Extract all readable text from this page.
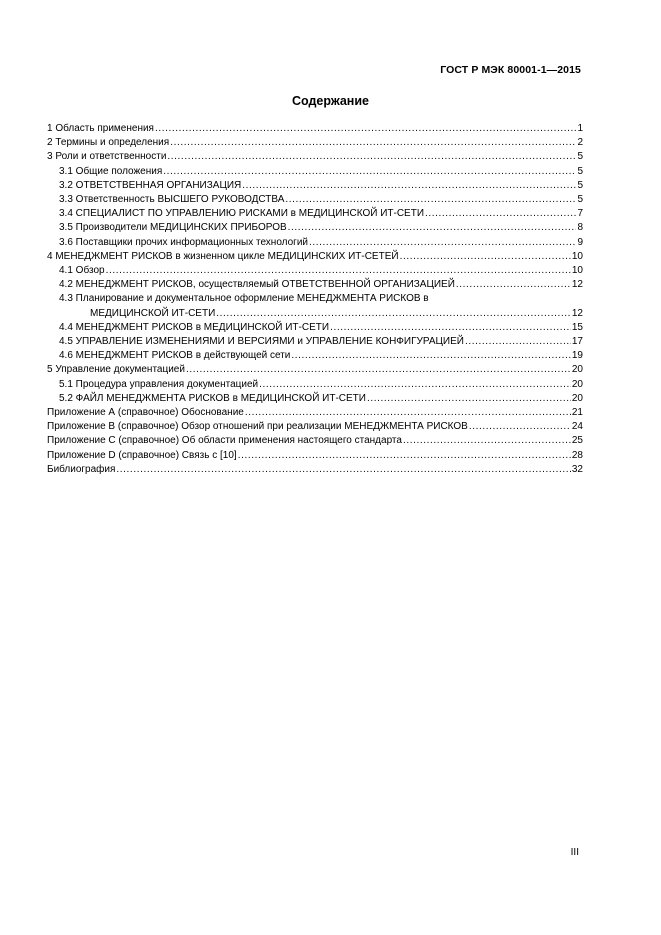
ГОСТ Р МЭК 80001-1—2015
Содержание
1 Область применения .....	1
2 Термины и определения .....	2
3 Роли и ответственности .....	5
3.1 Общие положения .....	5
3.2 ОТВЕТСТВЕННАЯ ОРГАНИЗАЦИЯ .....	5
3.3 Ответственность ВЫСШЕГО РУКОВОДСТВА .....	5
3.4 СПЕЦИАЛИСТ ПО УПРАВЛЕНИЮ РИСКАМИ в МЕДИЦИНСКОЙ ИТ-СЕТИ .....	7
3.5 Производители МЕДИЦИНСКИХ ПРИБОРОВ .....	8
3.6 Поставщики прочих информационных технологий .....	9
4 МЕНЕДЖМЕНТ РИСКОВ в жизненном цикле МЕДИЦИНСКИХ ИТ-СЕТЕЙ .....	10
4.1 Обзор .....	10
4.2 МЕНЕДЖМЕНТ РИСКОВ, осуществляемый ОТВЕТСТВЕННОЙ ОРГАНИЗАЦИЕЙ .....	12
4.3 Планирование и документальное оформление МЕНЕДЖМЕНТА РИСКОВ в
МЕДИЦИНСКОЙ ИТ-СЕТИ .....	12
4.4 МЕНЕДЖМЕНТ РИСКОВ в МЕДИЦИНСКОЙ ИТ-СЕТИ .....	15
4.5 УПРАВЛЕНИЕ ИЗМЕНЕНИЯМИ И ВЕРСИЯМИ и УПРАВЛЕНИЕ КОНФИГУРАЦИЕЙ .....	17
4.6 МЕНЕДЖМЕНТ РИСКОВ в действующей сети .....	19
5 Управление документацией .....	20
5.1 Процедура управления документацией .....	20
5.2 ФАЙЛ МЕНЕДЖМЕНТА РИСКОВ в МЕДИЦИНСКОЙ ИТ-СЕТИ .....	20
Приложение А (справочное) Обоснование .....	21
Приложение В (справочное) Обзор отношений при реализации МЕНЕДЖМЕНТА РИСКОВ .....	24
Приложение С (справочное) Об области применения настоящего стандарта .....	25
Приложение D (справочное) Связь с [10] .....	28
Библиография .....	32
III
